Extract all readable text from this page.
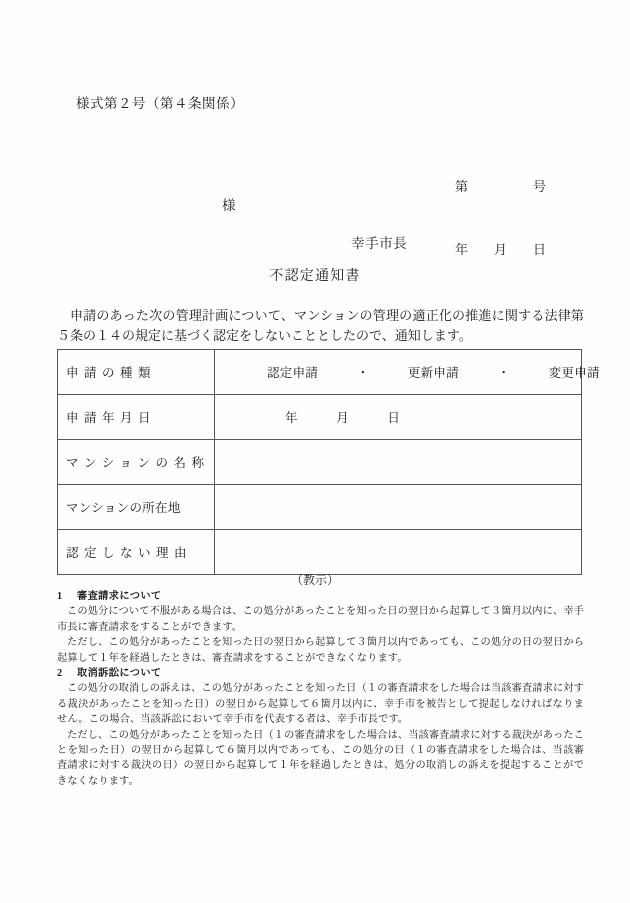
様式第２号（第４条関係）

第　　　　　号

年　　月　　日

様
幸手市長
不認定通知書
申請のあった次の管理計画について、マンションの管理の適正化の推進に関する法律第５条の１４の規定に基づく認定をしないこととしたので、通知します。
申請の種類	認定申請　　　・　　　更新申請　　　・　　　変更申請
申請年月日	年　　　月　　　日
マンションの名称	
マンションの所在地	
認定しない理由	
（教示）
1	審査請求について
この処分について不服がある場合は、この処分があったことを知った日の翌日から起算して３箇月以内に、幸手市長に審査請求をすることができます。
ただし、この処分があったことを知った日の翌日から起算して３箇月以内であっても、この処分の日の翌日から起算して１年を経過したときは、審査請求をすることができなくなります。
2	取消訴訟について
この処分の取消しの訴えは、この処分があったことを知った日（１の審査請求をした場合は当該審査請求に対する裁決があったことを知った日）の翌日から起算して６箇月以内に、幸手市を被告として提起しなければなりません。この場合、当該訴訟において幸手市を代表する者は、幸手市長です。
ただし、この処分があったことを知った日（１の審査請求をした場合は、当該審査請求に対する裁決があったことを知った日）の翌日から起算して６箇月以内であっても、この処分の日（１の審査請求をした場合は、当該審査請求に対する裁決の日）の翌日から起算して１年を経過したときは、処分の取消しの訴えを提起することができなくなります。
